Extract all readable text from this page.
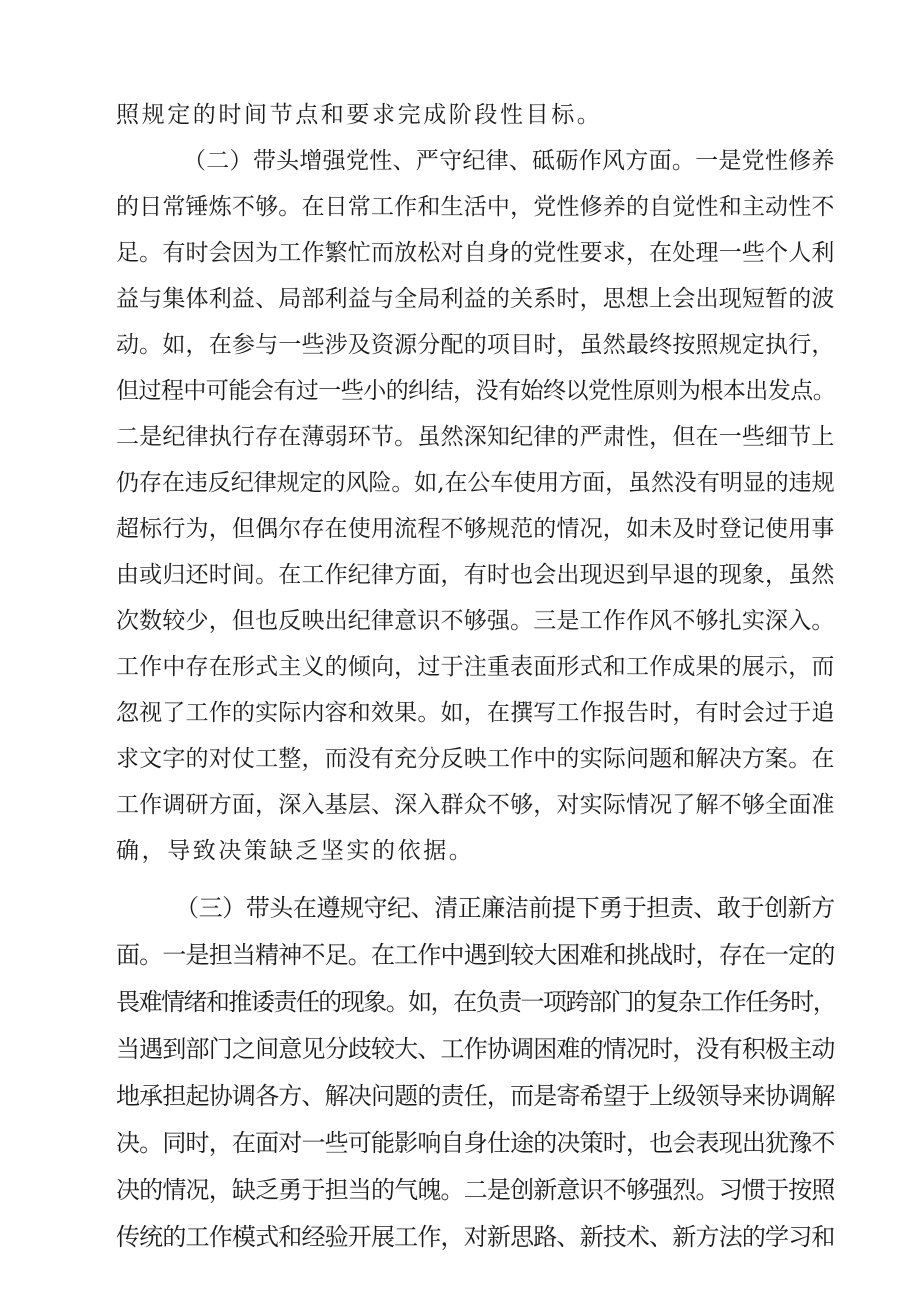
照规定的时间节点和要求完成阶段性目标。
（二）带头增强党性、严守纪律、砥砺作风方面。一是党性修养
的日常锤炼不够。在日常工作和生活中，党性修养的自觉性和主动性不
足。有时会因为工作繁忙而放松对自身的党性要求，在处理一些个人利
益与集体利益、局部利益与全局利益的关系时，思想上会出现短暂的波
动。如，在参与一些涉及资源分配的项目时，虽然最终按照规定执行，
但过程中可能会有过一些小的纠结，没有始终以党性原则为根本出发点。
二是纪律执行存在薄弱环节。虽然深知纪律的严肃性，但在一些细节上
仍存在违反纪律规定的风险。如,在公车使用方面，虽然没有明显的违规
超标行为，但偶尔存在使用流程不够规范的情况，如未及时登记使用事
由或归还时间。在工作纪律方面，有时也会出现迟到早退的现象，虽然
次数较少，但也反映出纪律意识不够强。三是工作作风不够扎实深入。
工作中存在形式主义的倾向，过于注重表面形式和工作成果的展示，而
忽视了工作的实际内容和效果。如，在撰写工作报告时，有时会过于追
求文字的对仗工整，而没有充分反映工作中的实际问题和解决方案。在
工作调研方面，深入基层、深入群众不够，对实际情况了解不够全面准
确，导致决策缺乏坚实的依据。
（三）带头在遵规守纪、清正廉洁前提下勇于担责、敢于创新方
面。一是担当精神不足。在工作中遇到较大困难和挑战时，存在一定的
畏难情绪和推诿责任的现象。如，在负责一项跨部门的复杂工作任务时，
当遇到部门之间意见分歧较大、工作协调困难的情况时，没有积极主动
地承担起协调各方、解决问题的责任，而是寄希望于上级领导来协调解
决。同时，在面对一些可能影响自身仕途的决策时，也会表现出犹豫不
决的情况，缺乏勇于担当的气魄。二是创新意识不够强烈。习惯于按照
传统的工作模式和经验开展工作，对新思路、新技术、新方法的学习和
